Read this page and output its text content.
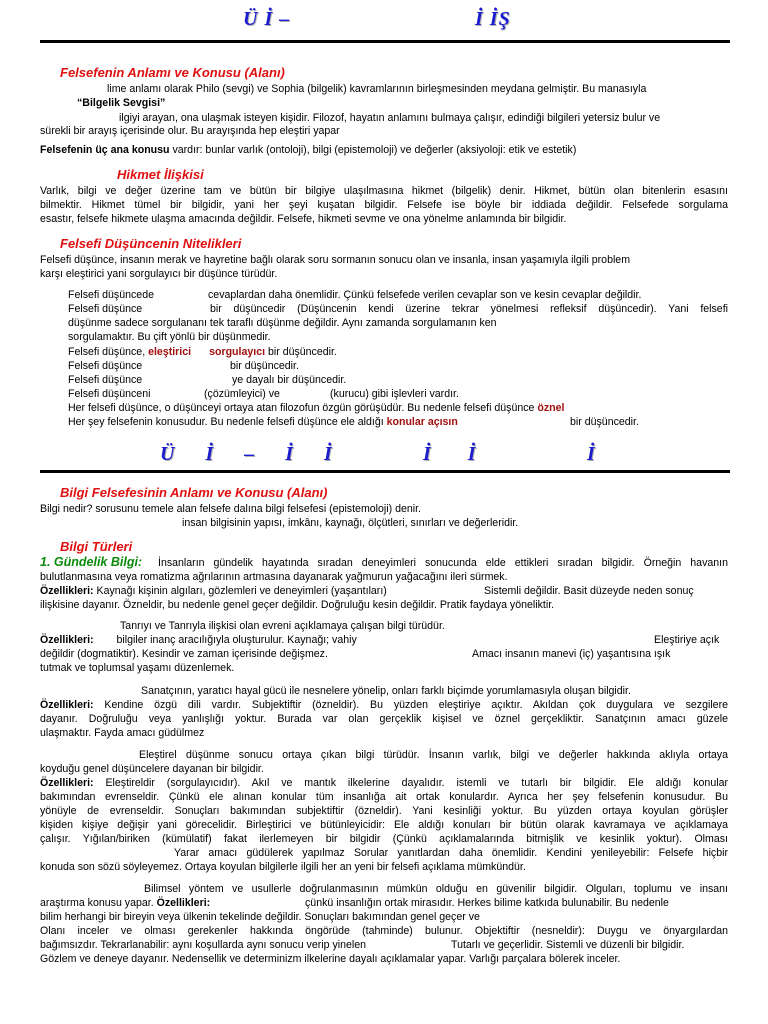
Ü İ –	İ İŞ
Felsefenin Anlamı ve Konusu (Alanı)
lime anlamı olarak Philo (sevgi) ve Sophia (bilgelik) kavramlarının birleşmesinden meydana gelmiştir. Bu manasıyla
“Bilgelik Sevgisi”
ilgiyi arayan, ona ulaşmak isteyen kişidir. Filozof, hayatın anlamını bulmaya çalışır, edindiği bilgileri yetersiz bulur ve
sürekli bir arayış içerisinde olur. Bu arayışında hep eleştiri yapar
Felsefenin üç ana konusu vardır: bunlar varlık (ontoloji), bilgi (epistemoloji) ve değerler (aksiyoloji: etik ve estetik)
Hikmet İlişkisi
Varlık, bilgi ve değer üzerine tam ve bütün bir bilgiye ulaşılmasına hikmet (bilgelik) denir. Hikmet, bütün olan bitenlerin esasını
bilmektir. Hikmet tümel bir bilgidir, yani her şeyi kuşatan bilgidir. Felsefe ise böyle bir iddiada değildir. Felsefede sorgulama
esastır, felsefe hikmete ulaşma amacında değildir. Felsefe, hikmeti sevme ve ona yönelme anlamında bir bilgidir.
Felsefi Düşüncenin Nitelikleri
Felsefi düşünce, insanın merak ve hayretine bağlı olarak soru sormanın sonucu olan ve insanla, insan yaşamıyla ilgili problem
karşı eleştirici yani sorgulayıcı bir düşünce türüdür.
Felsefi düşüncede	cevaplardan daha önemlidir. Çünkü felsefede verilen cevaplar son ve kesin cevaplar değildir.
Felsefi düşünce	bir düşüncedir (Düşüncenin kendi üzerine tekrar yönelmesi refleksif düşüncedir). Yani felsefi
düşünme sadece sorgulananı tek taraflı düşünme değildir. Aynı zamanda sorgulamanın ken
sorgulamaktır. Bu çift yönlü bir düşünmedir.
Felsefi düşünce, eleştirici sorgulayıcı bir düşüncedir.
Felsefi düşünce	bir düşüncedir.
Felsefi düşünce	ye dayalı bir düşüncedir.
Felsefi düşünceni	(çözümleyici) ve	(kurucu) gibi işlevleri vardır.
Her felsefi düşünce, o düşünceyi ortaya atan filozofun özgün görüşüdür. Bu nedenle felsefi düşünce öznel
Her şey felsefenin konusudur. Bu nedenle felsefi düşünce ele aldığı konular açısın	bir düşüncedir.
Ü İ – İ İ	İ İ	İ
Bilgi Felsefesinin Anlamı ve Konusu (Alanı)
Bilgi nedir? sorusunu temele alan felsefe dalına bilgi felsefesi (epistemoloji) denir.
insan bilgisinin yapısı, imkânı, kaynağı, ölçütleri, sınırları ve değerleridir.
Bilgi Türleri
1. Gündelik Bilgi: İnsanların gündelik hayatında sıradan deneyimleri sonucunda elde ettikleri sıradan bilgidir. Örneğin havanın
bulutlanmasına veya romatizma ağrılarının artmasına dayanarak yağmurun yağacağını ileri sürmek.
Özellikleri: Kaynağı kişinin algıları, gözlemleri ve deneyimleri (yaşantıları)	Sistemli değildir. Basit düzeyde neden sonuç
ilişkisine dayanır. Özneldir, bu nedenle genel geçer değildir. Doğruluğu kesin değildir. Pratik faydaya yöneliktir.
Tanrıyı ve Tanrıyla ilişkisi olan evreni açıklamaya çalışan bilgi türüdür.
Özellikleri: bilgiler inanç aracılığıyla oluşturulur. Kaynağı; vahiy	Eleştiriye açık
değildir (dogmatiktir). Kesindir ve zaman içerisinde değişmez.	Amacı insanın manevi (iç) yaşantısına ışık
tutmak ve toplumsal yaşamı düzenlemek.
Sanatçının, yaratıcı hayal gücü ile nesnelere yönelip, onları farklı biçimde yorumlamasıyla oluşan bilgidir.
Özellikleri: Kendine özgü dili vardır. Subjektiftir (özneldir). Bu yüzden eleştiriye açıktır. Akıldan çok duygulara ve sezgilere
dayanır. Doğruluğu veya yanlışlığı yoktur. Burada var olan gerçeklik kişisel ve öznel gerçekliktir. Sanatçının amacı güzele
ulaşmaktır. Fayda amacı güdülmez
Eleştirel düşünme sonucu ortaya çıkan bilgi türüdür. İnsanın varlık, bilgi ve değerler hakkında aklıyla ortaya
koyduğu genel düşüncelere dayanan bir bilgidir.
Özellikleri: Eleştireldir (sorgulayıcıdır). Akıl ve mantık ilkelerine dayalıdır. istemli ve tutarlı bir bilgidir. Ele aldığı konular
bakımından evrenseldir. Çünkü ele alınan konular tüm insanlığa ait ortak konulardır. Ayrıca her şey felsefenin konusudur. Bu
yönüyle de evrenseldir. Sonuçları bakımından subjektiftir (özneldir). Yani kesinliği yoktur. Bu yüzden ortaya koyulan görüşler
kişiden kişiye değişir yani görecelidir. Birleştirici ve bütünleyicidir: Ele aldığı konuları bir bütün olarak kavramaya ve açıklamaya
çalışır. Yığılan/biriken (kümülatif) fakat ilerlemeyen bir bilgidir (Çünkü açıklamalarında bitmişlik ve kesinlik yoktur). Olması
Yarar amacı güdülerek yapılmaz Sorular yanıtlardan daha önemlidir. Kendini yenileyebilir: Felsefe hiçbir
konuda son sözü söyleyemez. Ortaya koyulan bilgilerle ilgili her an yeni bir felsefi açıklama mümkündür.
Bilimsel yöntem ve usullerle doğrulanmasının mümkün olduğu en güvenilir bilgidir. Olguları, toplumu ve insanı
araştırma konusu yapar. Özellikleri:	çünkü insanlığın ortak mirasıdır. Herkes bilime katkıda bulunabilir. Bu nedenle
bilim herhangi bir bireyin veya ülkenin tekelinde değildir. Sonuçları bakımından genel geçer ve
Olanı inceler ve olması gerekenler hakkında öngörüde (tahminde) bulunur. Objektiftir (nesneldir): Duygu ve önyargılardan
bağımsızdır. Tekrarlanabilir: aynı koşullarda aynı sonucu verip yinelen	Tutarlı ve geçerlidir. Sistemli ve düzenli bir bilgidir.
Gözlem ve deneye dayanır. Nedensellik ve determinizm ilkelerine dayalı açıklamalar yapar. Varlığı parçalara bölerek inceler.
